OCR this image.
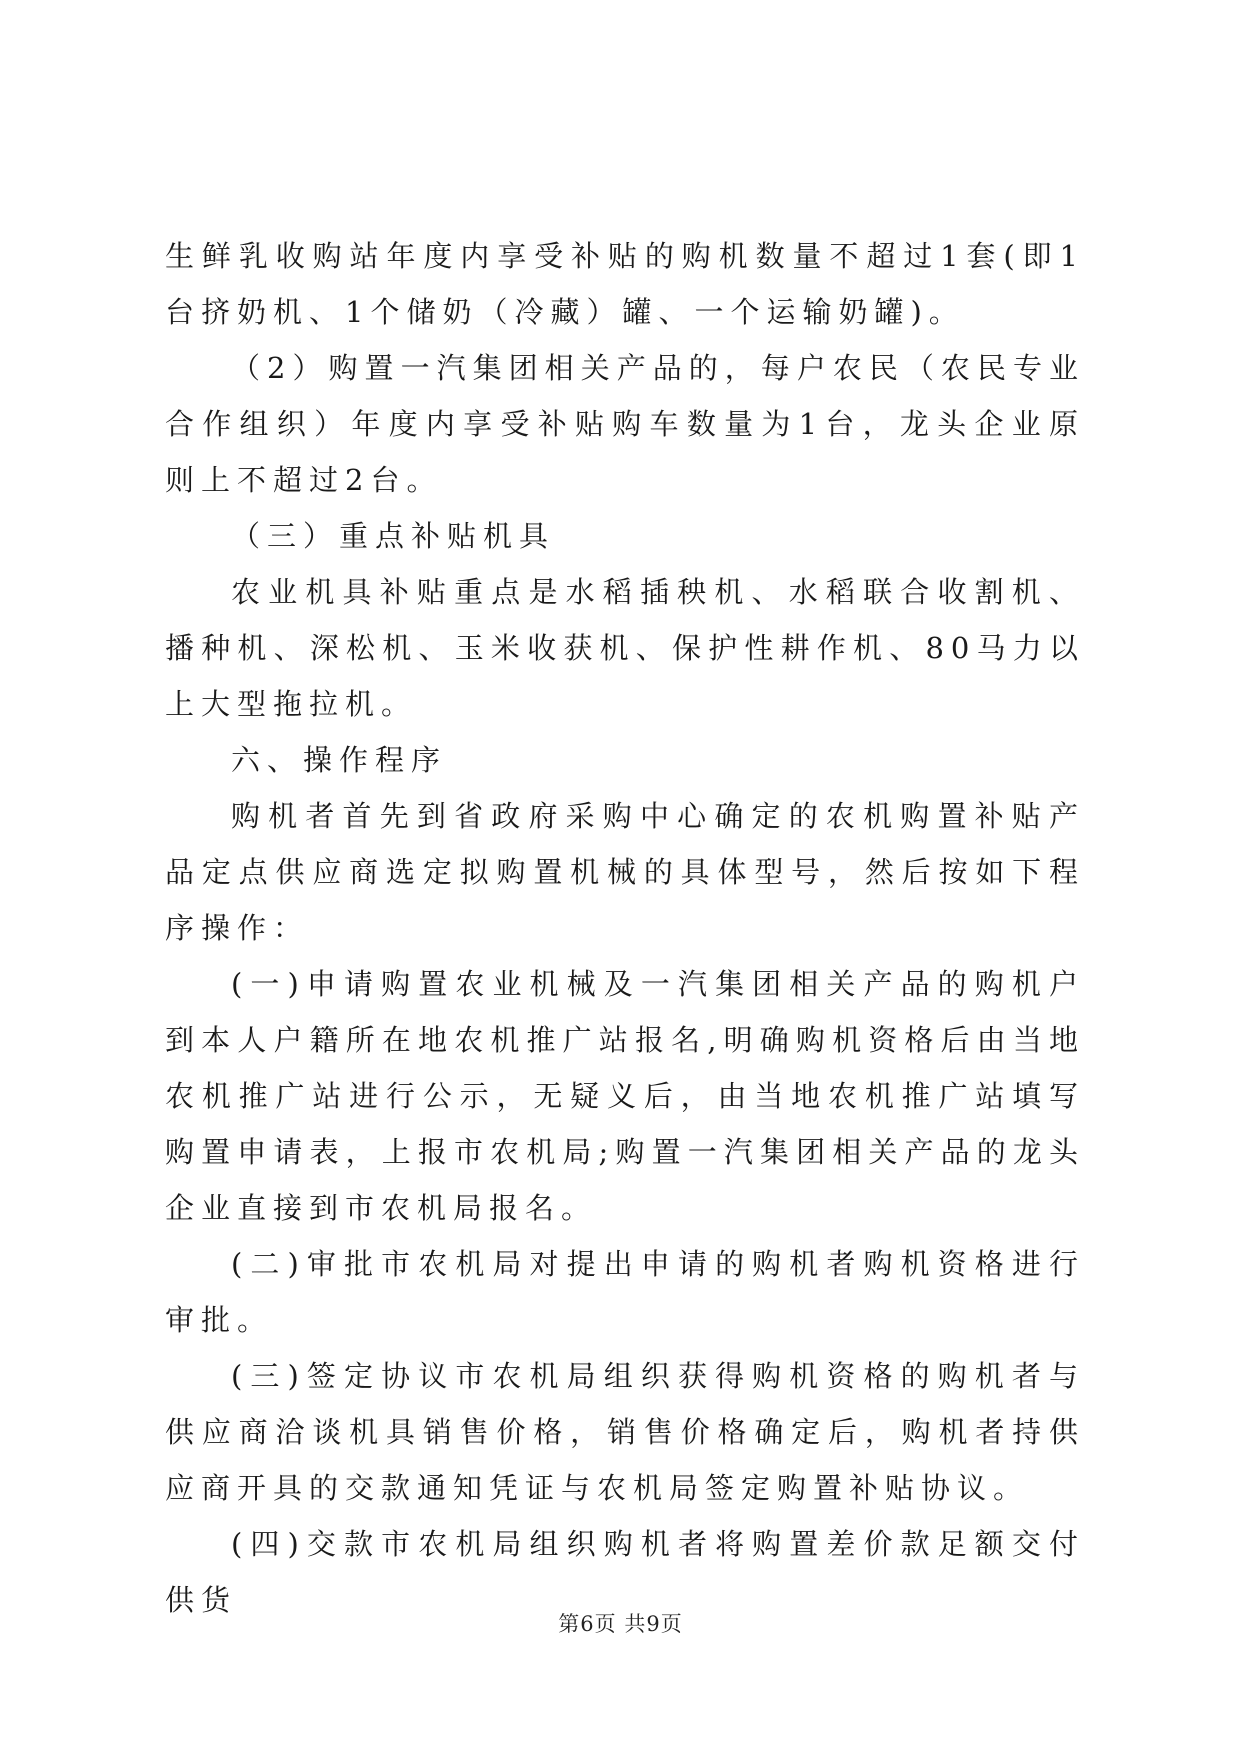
生鲜乳收购站年度内享受补贴的购机数量不超过1套(即1台挤奶机、1个储奶（冷藏）罐、一个运输奶罐)。

（2）购置一汽集团相关产品的，每户农民（农民专业合作组织）年度内享受补贴购车数量为1台，龙头企业原则上不超过2台。

（三）重点补贴机具

农业机具补贴重点是水稻插秧机、水稻联合收割机、播种机、深松机、玉米收获机、保护性耕作机、80马力以上大型拖拉机。

六、操作程序

购机者首先到省政府采购中心确定的农机购置补贴产品定点供应商选定拟购置机械的具体型号，然后按如下程序操作：

(一)申请购置农业机械及一汽集团相关产品的购机户到本人户籍所在地农机推广站报名,明确购机资格后由当地农机推广站进行公示，无疑义后，由当地农机推广站填写购置申请表，上报市农机局;购置一汽集团相关产品的龙头企业直接到市农机局报名。

(二)审批市农机局对提出申请的购机者购机资格进行审批。

(三)签定协议市农机局组织获得购机资格的购机者与供应商洽谈机具销售价格，销售价格确定后，购机者持供应商开具的交款通知凭证与农机局签定购置补贴协议。

(四)交款市农机局组织购机者将购置差价款足额交付供货

第6页 共9页
